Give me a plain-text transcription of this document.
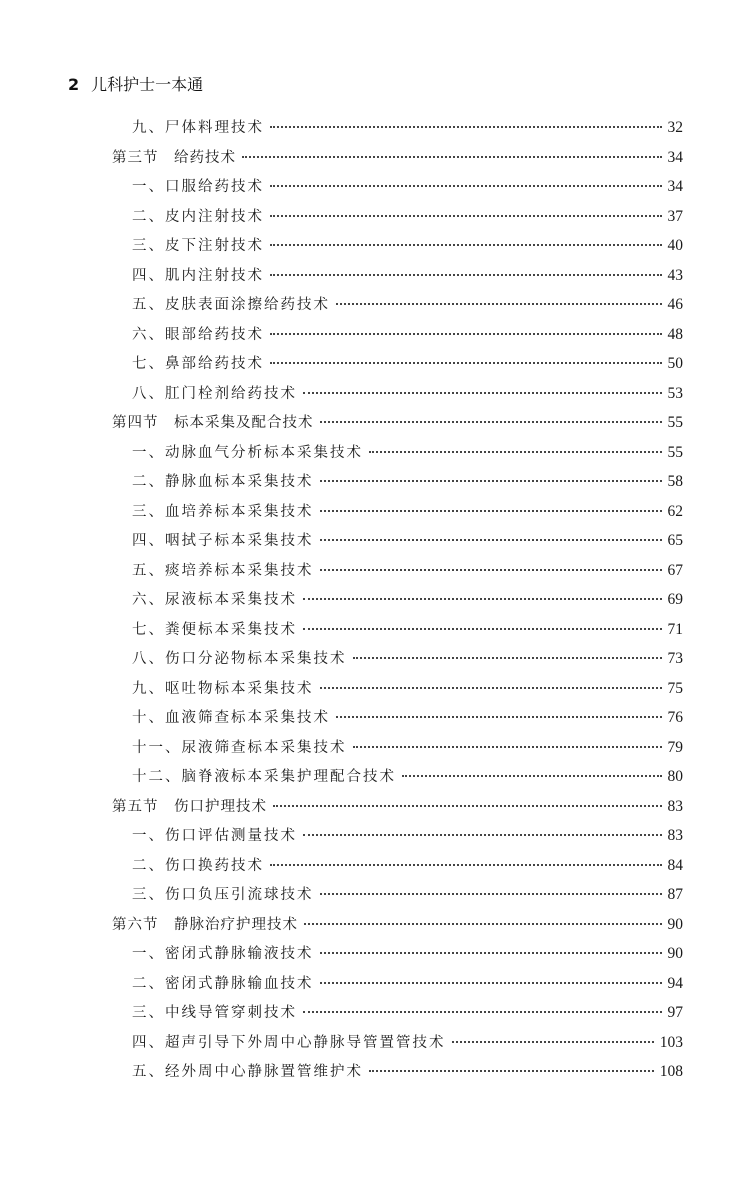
2 儿科护士一本通
九、尸体料理技术	32
第三节　给药技术	34
一、口服给药技术	34
二、皮内注射技术	37
三、皮下注射技术	40
四、肌内注射技术	43
五、皮肤表面涂擦给药技术	46
六、眼部给药技术	48
七、鼻部给药技术	50
八、肛门栓剂给药技术	53
第四节　标本采集及配合技术	55
一、动脉血气分析标本采集技术	55
二、静脉血标本采集技术	58
三、血培养标本采集技术	62
四、咽拭子标本采集技术	65
五、痰培养标本采集技术	67
六、尿液标本采集技术	69
七、粪便标本采集技术	71
八、伤口分泌物标本采集技术	73
九、呕吐物标本采集技术	75
十、血液筛查标本采集技术	76
十一、尿液筛查标本采集技术	79
十二、脑脊液标本采集护理配合技术	80
第五节　伤口护理技术	83
一、伤口评估测量技术	83
二、伤口换药技术	84
三、伤口负压引流球技术	87
第六节　静脉治疗护理技术	90
一、密闭式静脉输液技术	90
二、密闭式静脉输血技术	94
三、中线导管穿刺技术	97
四、超声引导下外周中心静脉导管置管技术	103
五、经外周中心静脉置管维护术	108
